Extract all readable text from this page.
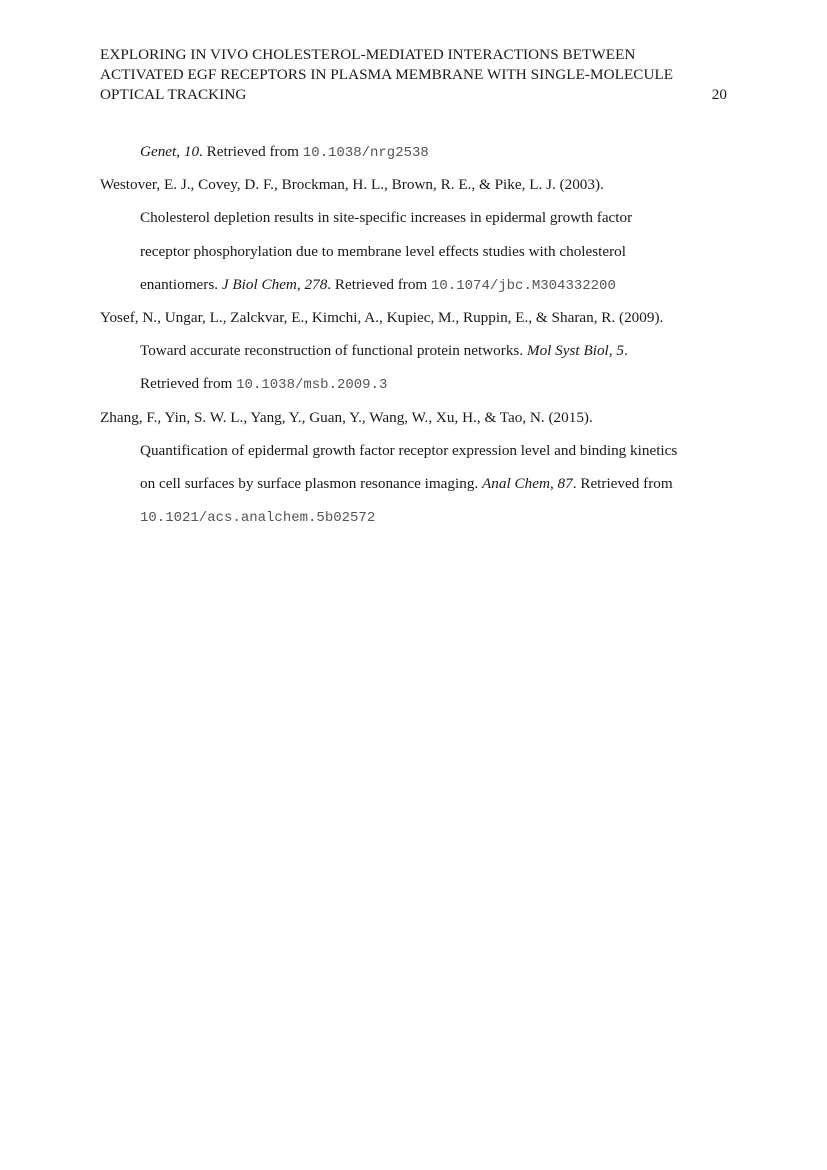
EXPLORING IN VIVO CHOLESTEROL-MEDIATED INTERACTIONS BETWEEN
ACTIVATED EGF RECEPTORS IN PLASMA MEMBRANE WITH SINGLE-MOLECULE
OPTICAL TRACKING	20
Genet, 10. Retrieved from 10.1038/nrg2538
Westover, E. J., Covey, D. F., Brockman, H. L., Brown, R. E., & Pike, L. J. (2003).
Cholesterol depletion results in site-specific increases in epidermal growth factor
receptor phosphorylation due to membrane level effects studies with cholesterol
enantiomers. J Biol Chem, 278. Retrieved from 10.1074/jbc.M304332200
Yosef, N., Ungar, L., Zalckvar, E., Kimchi, A., Kupiec, M., Ruppin, E., & Sharan, R. (2009).
Toward accurate reconstruction of functional protein networks. Mol Syst Biol, 5.
Retrieved from 10.1038/msb.2009.3
Zhang, F., Yin, S. W. L., Yang, Y., Guan, Y., Wang, W., Xu, H., & Tao, N. (2015).
Quantification of epidermal growth factor receptor expression level and binding kinetics
on cell surfaces by surface plasmon resonance imaging. Anal Chem, 87. Retrieved from
10.1021/acs.analchem.5b02572
